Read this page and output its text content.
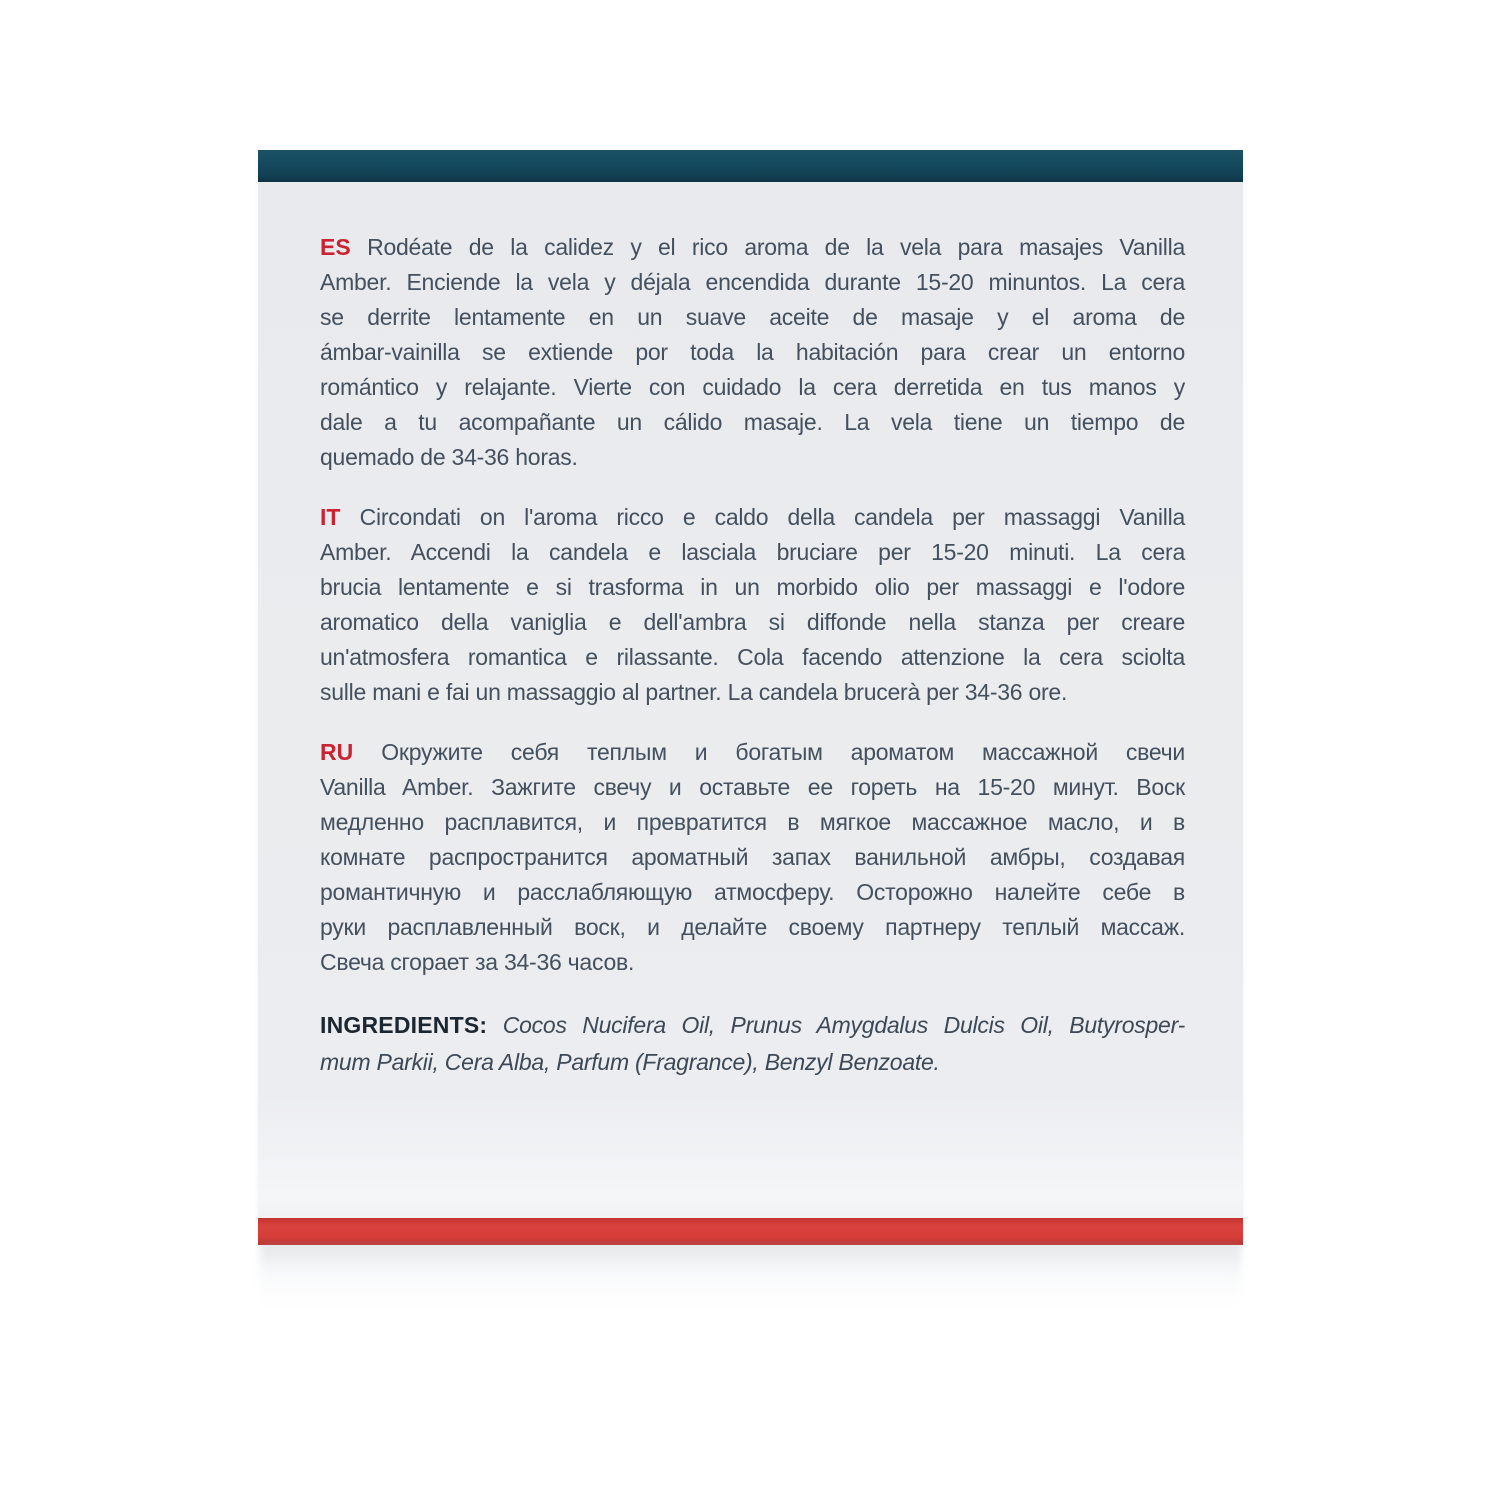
ES Rodéate de la calidez y el rico aroma de la vela para masajes Vanilla
Amber. Enciende la vela y déjala encendida durante 15-20 minuntos. La cera
se derrite lentamente en un suave aceite de masaje y el aroma de
ámbar-vainilla se extiende por toda la habitación para crear un entorno
romántico y relajante. Vierte con cuidado la cera derretida en tus manos y
dale a tu acompañante un cálido masaje. La vela tiene un tiempo de
quemado de 34-36 horas.
IT Circondati on l'aroma ricco e caldo della candela per massaggi Vanilla
Amber. Accendi la candela e lasciala bruciare per 15-20 minuti. La cera
brucia lentamente e si trasforma in un morbido olio per massaggi e l'odore
aromatico della vaniglia e dell'ambra si diffonde nella stanza per creare
un'atmosfera romantica e rilassante. Cola facendo attenzione la cera sciolta
sulle mani e fai un massaggio al partner. La candela brucerà per 34-36 ore.
RU Окружите себя теплым и богатым ароматом массажной свечи
Vanilla Amber. Зажгите свечу и оставьте ее гореть на 15-20 минут. Воск
медленно расплавится, и превратится в мягкое массажное масло, и в
комнате распространится ароматный запах ванильной амбры, создавая
романтичную и расслабляющую атмосферу. Осторожно налейте себе в
руки расплавленный воск, и делайте своему партнеру теплый массаж.
Свеча сгорает за 34-36 часов.
INGREDIENTS: Cocos Nucifera Oil, Prunus Amygdalus Dulcis Oil, Butyrosper-
mum Parkii, Cera Alba, Parfum (Fragrance), Benzyl Benzoate.
